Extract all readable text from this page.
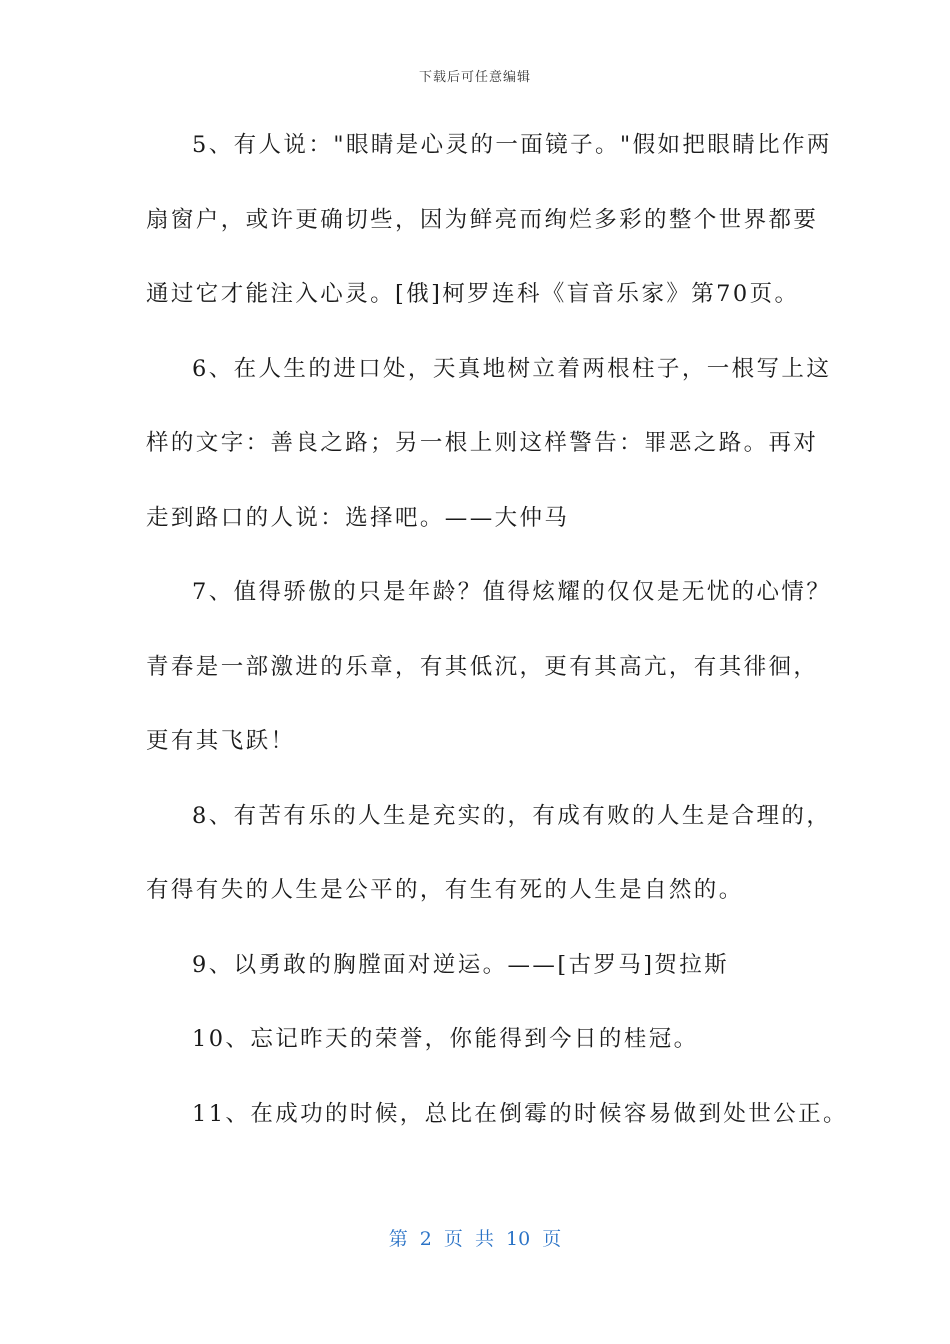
下载后可任意编辑
5、有人说："眼睛是心灵的一面镜子。"假如把眼睛比作两
扇窗户，或许更确切些，因为鲜亮而绚烂多彩的整个世界都要
通过它才能注入心灵。[俄]柯罗连科《盲音乐家》第70页。
6、在人生的进口处，天真地树立着两根柱子，一根写上这
样的文字：善良之路；另一根上则这样警告：罪恶之路。再对
走到路口的人说：选择吧。——大仲马
7、值得骄傲的只是年龄？值得炫耀的仅仅是无忧的心情？
青春是一部激进的乐章，有其低沉，更有其高亢，有其徘徊，
更有其飞跃！
8、有苦有乐的人生是充实的，有成有败的人生是合理的，
有得有失的人生是公平的，有生有死的人生是自然的。
9、以勇敢的胸膛面对逆运。——[古罗马]贺拉斯
10、忘记昨天的荣誉，你能得到今日的桂冠。
11、在成功的时候，总比在倒霉的时候容易做到处世公正。
第 2 页 共 10 页
